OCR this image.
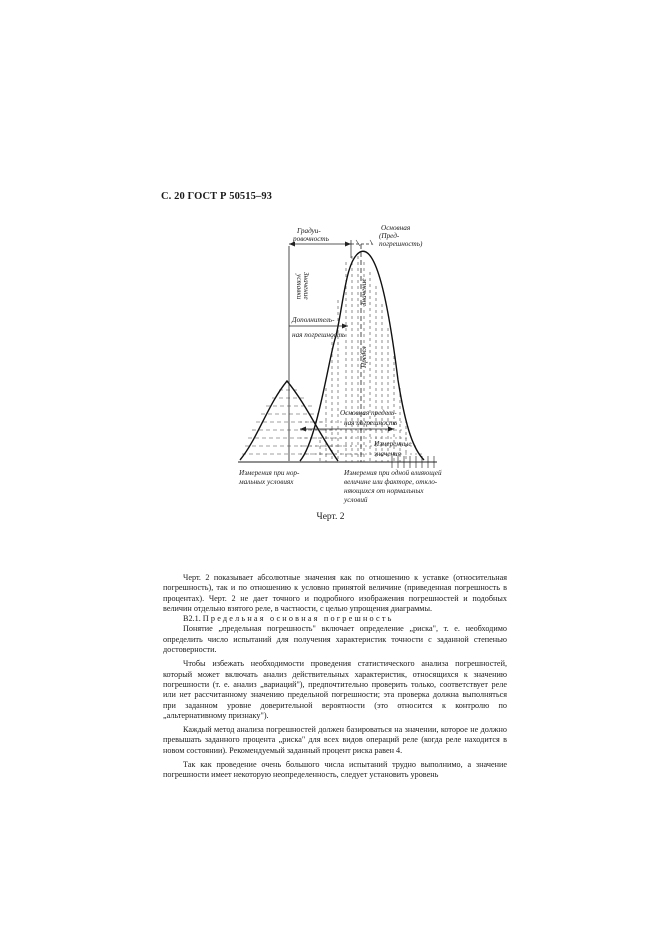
С. 20 ГОСТ Р 50515–93
Градуи-
ровочность
Основная
(Пред-
погрешность)
Значение
уставки
Дополнитель-
ная погрешность
Значение
Предел
Основная предель-
ная погрешность
Измеренные
значения
Измерения при нор-
мальных условиях
Измерения при одной влияющей
величине или факторе, откло-
няющихся от нормальных
условий
Черт. 2

Черт. 2 показывает абсолютные значения как по отношению к уставке (относительная погрешность), так и по отношению к условно принятой величине (приведенная погрешность в процентах). Черт. 2 не дает точного и подробного изображения погрешностей и подобных величин отдельно взятого реле, в частности, с целью упрощения диаграммы.

В2.1. Предельная основная погрешность

Понятие „предельная погрешность" включает определение „риска", т. е. необходимо определить число испытаний для получения характеристик точности с заданной степенью достоверности.

Чтобы избежать необходимости проведения статистического анализа погрешностей, который может включать анализ действительных характеристик, относящихся к значению погрешности (т. е. анализ „вариаций"), предпочтительно проверить только, соответствует реле или нет рассчитанному значению предельной погрешности; эта проверка должна выполняться при заданном уровне доверительной вероятности (это относится к контролю по „альтернативному признаку").

Каждый метод анализа погрешностей должен базироваться на значении, которое не должно превышать заданного процента „риска" для всех видов операций реле (когда реле находится в новом состоянии). Рекомендуемый заданный процент риска равен 4.

Так как проведение очень большого числа испытаний трудно выполнимо, а значение погрешности имеет некоторую неопределенность, следует установить уровень
